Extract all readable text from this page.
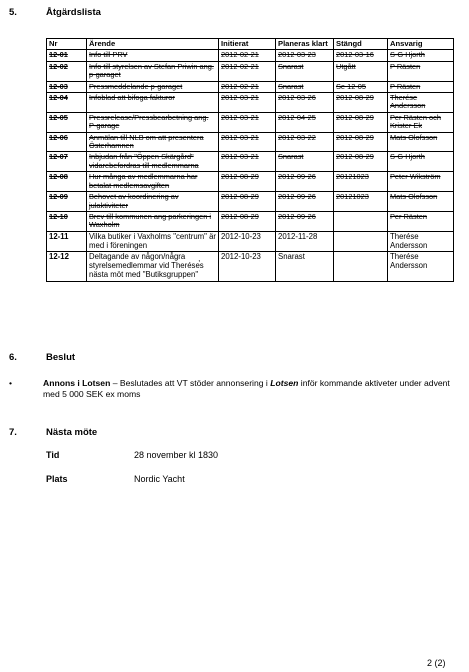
5.	Åtgärdslista
Nr	Ärende	Initierat	Planeras klart	Stängd	Ansvarig
12-01	Info till PRV	2012-02-21	2012-03-23	2012-03-16	S-G Hjorth
12-02	Info till styrelsen av Stefan Priwin ang. p-garaget	2012-02-21	Snarast	Utgått	P Rästen
12-03	Pressmeddelande p-garaget	2012-02-21	Snarast	Se 12-05	P Rästen
12-04	Infoblad att bifoga fakturor	2012-03-21	2012-03-26	2012-08-29	Therése Andersson
12-05	Pressrelease/Pressbearbetning ang. P-garage	2012-03-21	2012-04-25	2012-08-29	Per Rästen och Krister Ek
12-06	Anmälan till NLB om att presentera Österhamnen	2012-03-21	2012-03-22	2012-08-29	Mats Olofsson
12-07	Inbjudan från "Öppen Skärgård" vidarebefordras till medlemmarna	2012-03-21	Snarast	2012-08-29	S-G Hjorth
12-08	Hur många av medlemmarna har betalat medlemsavgiften	2012-08-29	2012-09-26	20121023	Peter Wikström
12-09	Behovet av koordinering av julaktiviteter	2012-08-29	2012-09-26	20121023	Mats Olofsson
12-10	Brev till kommunen ang parkeringen i Waxholm	2012-08-29	2012-09-26		Per Rästen
12-11	Vilka butiker i Vaxholms "centrum" är med i föreningen	2012-10-23	2012-11-28		Therése Andersson
12-12	Deltagande av någon/några styrelsemedlemmar vid Therése̕s nästa möt med "Butiksgruppen"	2012-10-23	Snarast		Therése Andersson
6.	Beslut
•	Annons i Lotsen – Beslutades att VT stöder annonsering i Lotsen inför kommande aktiveter under advent med 5 000 SEK ex moms
7.	Nästa möte
Tid	28 november kl 1830
Plats	Nordic Yacht
2 (2)
